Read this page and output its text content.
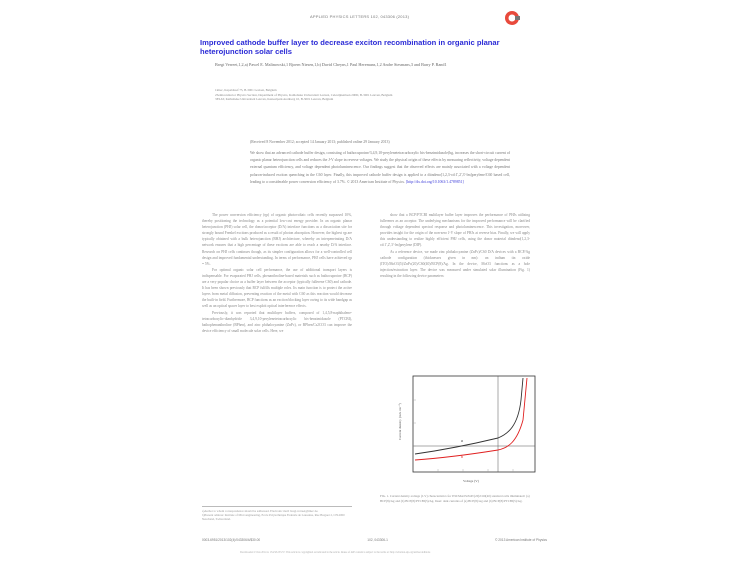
APPLIED PHYSICS LETTERS 102, 043306 (2013)
Improved cathode buffer layer to decrease exciton recombination in organic planar heterojunction solar cells
Bregt Verreet,1,2,a) Pawel E. Malinowski,1 Bjoern Niesen,1,b) David Cheyns,1 Paul Heremans,1,2 Andre Stesmans,3 and Barry P. Rand1
1imec, Kapeldreef 75, B-3001 Leuven, Belgium
2Semiconductor Physics Section, Department of Physics, Katholieke Universiteit Leuven, Celestijnenlaan 200D, B-3001 Leuven, Belgium
3ESAT, Katholieke Universiteit Leuven, Kasteelpark Arenberg 10, B-3001 Leuven, Belgium
(Received 8 November 2012; accepted 14 January 2013; published online 29 January 2013)
We show that an advanced cathode buffer design, consisting of bathocuproine/3,4,9,10-perylenetetracarboxylic bis-benzimidazole(bg, increases the short-circuit current of organic planar heterojunction cells and reduces the J-V slope in reverse voltages. We study the physical origin of these effects by measuring reflectivity, voltage dependent external quantum efficiency, and voltage dependent photoluminescence. Our findings suggest that the observed effects are mainly associated with a voltage dependent polaron-induced exciton quenching in the C60 layer. Finally, this improved cathode buffer design is applied to a diindeno[1,2,3-cd:1',2',3'-lm]perylene/C60 based cell, leading to a considerable power conversion efficiency of 3.7%. © 2013 American Institute of Physics. [http://dx.doi.org/10.1063/1.4789851]

The power conversion efficiency (ηp) of organic photovoltaic cells recently surpassed 10%, thereby positioning the technology as a potential low-cost energy provider. In an organic planar heterojunction (PHJ) solar cell, the donor/acceptor (D/A) interface functions as a dissociation site for strongly bound Frenkel excitons produced as a result of photon absorption. However, the highest ηp are typically obtained with a bulk heterojunction (BHJ) architecture, whereby an interpenetrating D/A network ensures that a high percentage of these excitons are able to reach a nearby D/A interface. Research on PHJ cells continues though, as its simpler configuration allows for a well-controlled cell design and improved fundamental understanding. In terms of performance, PHJ cells have achieved ηp = 5%.

For optimal organic solar cell performance, the use of additional transport layers is indispensable. For evaporated PHJ cells, phenanthroline-based materials such as bathocuproine (BCP) are a very popular choice as a buffer layer between the acceptor (typically fullerene C60) and cathode. It has been shown previously that BCP fulfills multiple roles. Its main function is to protect the active layers from metal diffusion, preventing reaction of the metal with C60 as this reaction would decrease the built-in field. Furthermore, BCP functions as an exciton blocking layer owing to its wide bandgap as well as an optical spacer layer to best exploit optical interference effects.

Previously, it was reported that multilayer buffers, composed of 1,4,5,8-naphthalene-tetracarboxylic-dianhydride 3,4,9,10-perylenetetracarboxylic bis-benzimidazole (PTCBI), bathophenanthroline (BPhen), and zinc phthalocyanine (ZnPc), or BPhen/Cs2CO3 can improve the device efficiency of small molecule solar cells. Here, we

show that a BCP/PTCBI multilayer buffer layer improves the performance of PHJs utilizing fullerenes as an acceptor. The underlying mechanisms for the improved performance will be clarified through voltage dependent spectral response and photoluminescence. This investigation, moreover, provides insight for the origin of the non-zero J-V slope of PHJs at reverse bias. Finally, we will apply this understanding to realize highly efficient PHJ cells, using the donor material diindeno[1,2,3-cd:1',2',3'-lm]perylene (DIP).

As a reference device, we made zinc phthalocyanine (ZnPc)/C60 D/A devices with a BCP/Ag cathode configuration (thicknesses given in nm): on indium tin oxide (ITO)/MoO3(5)/ZnPc(20)/C60(40)/BCP(8)/Ag. In the device, MoO3 functions as a hole injection/extraction layer. The device was measured under simulated solar illumination (Fig. 1) resulting in the following device parameters:

a
b
Current density (mA cm⁻²)
Voltage (V)
FIG. 1. Current density-voltage (J-V) characteristics for ITO/MoO3/ZnPc(20)/C60(40) standard cells illuminated: (a) BCP(8)/Ag and (b) BCP(8)/PTCBI(5)/Ag. Inset: dark currents of (a) BCP(8)/Ag and (b) BCP(8)/PTCBI(5)/Ag.
a)Author to whom correspondence should be addressed. Electronic mail: bregt.verreet@imec.be.
b)Present address: Institute of Microengineering, Ecole Polytechnique Federale de Lausanne, Rue Breguet 2, CH-2000 Neuchatel, Switzerland.
0003-6951/2013/102(4)/043306/4/$30.00	102, 043306-1	© 2013 American Institute of Physics
Downloaded 13 Jan 2014 to 134.58.253.57. This article is copyrighted as indicated in the article. Reuse of AIP content is subject to the terms at: http://scitation.aip.org/termsconditions
